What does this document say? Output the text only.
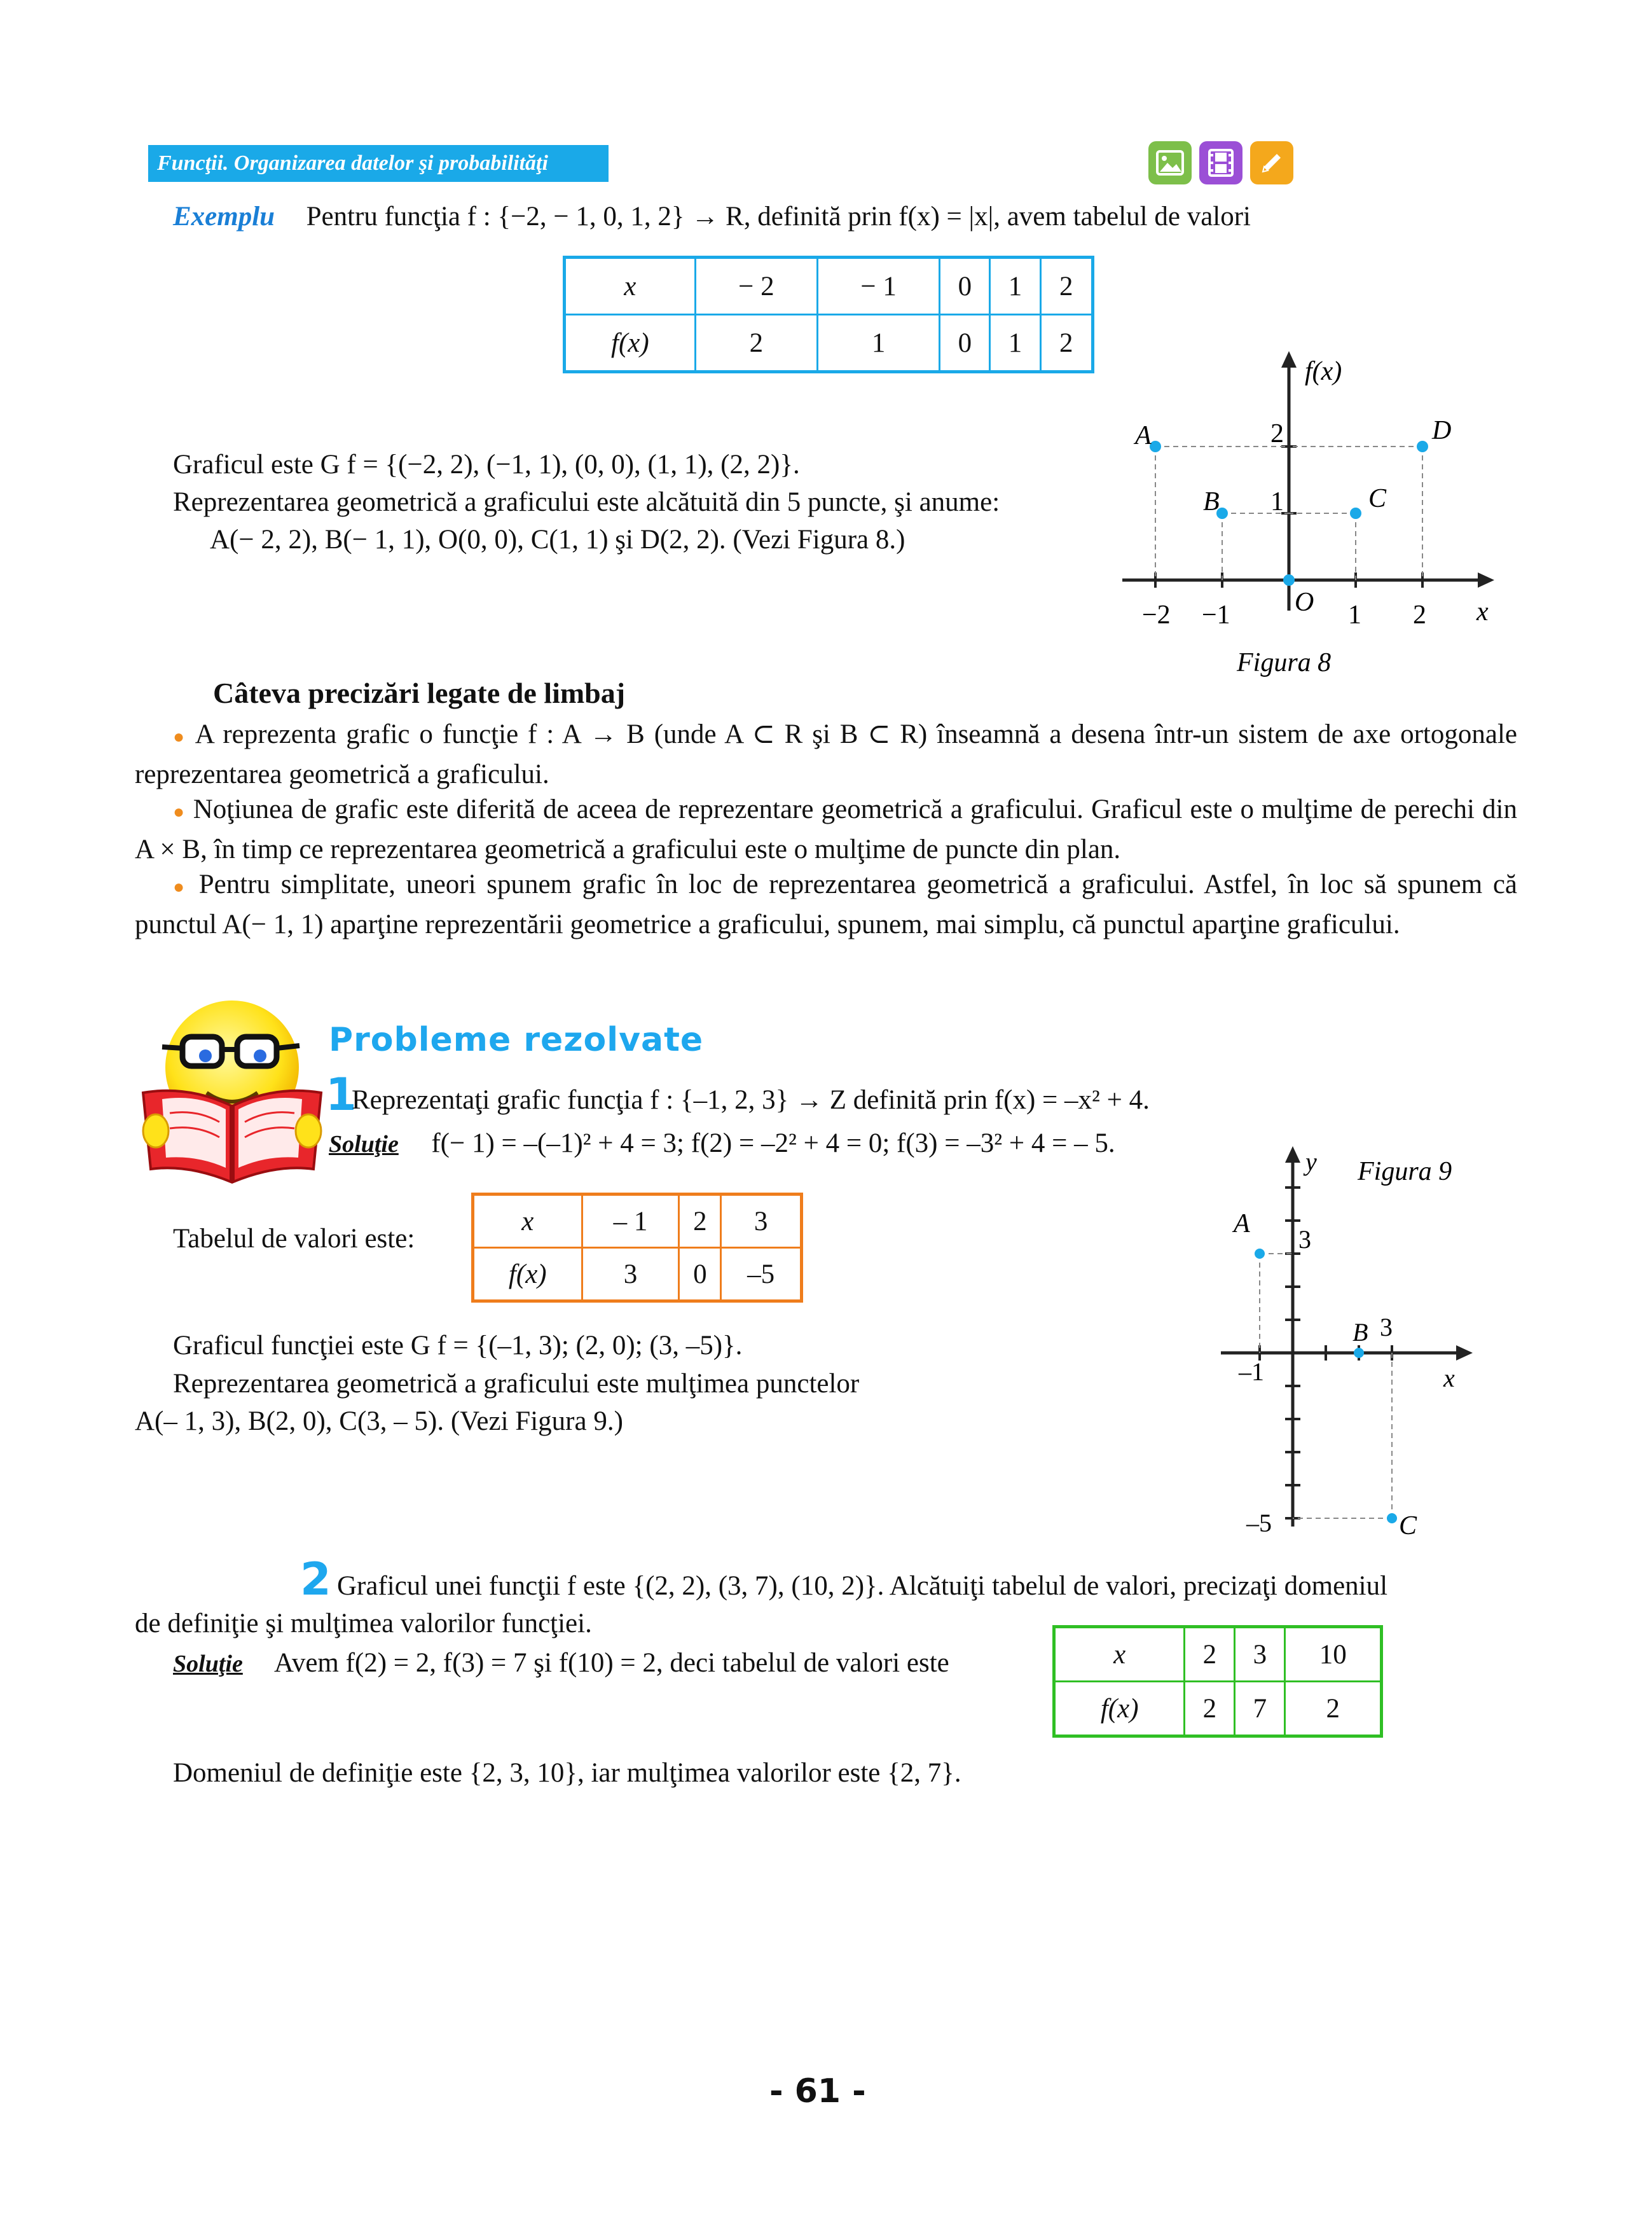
Funcţii. Organizarea datelor şi probabilităţi
Exemplu Pentru funcţia f : {−2, − 1, 0, 1, 2} → R, definită prin f(x) = |x|, avem tabelul de valori
x	− 2	− 1	0	1	2
f(x)	2	1	0	1	2
Graficul este G f = {(−2, 2), (−1, 1), (0, 0), (1, 1), (2, 2)}.
Reprezentarea geometrică a graficului este alcătuită din 5 puncte, şi anume:
A(− 2, 2), B(− 1, 1), O(0, 0), C(1, 1) şi D(2, 2). (Vezi Figura 8.)
f(x)
x
O
−2 −1	1 2
1
2
A
B	C
D
Figura 8
Câteva precizări legate de limbaj
● A reprezenta grafic o funcţie f : A → B (unde A ⊂ R şi B ⊂ R) înseamnă a desena într-un sistem de axe ortogonale reprezentarea geometrică a graficului.
● Noţiunea de grafic este diferită de aceea de reprezentare geometrică a graficului. Graficul este o mulţime de perechi din A × B, în timp ce reprezentarea geometrică a graficului este o mulţime de puncte din plan.
● Pentru simplitate, uneori spunem grafic în loc de reprezentarea geometrică a graficului. Astfel, în loc să spunem că punctul A(− 1, 1) aparţine reprezentării geometrice a graficului, spunem, mai simplu, că punctul aparţine graficului.
Probleme rezolvate
1
Reprezentaţi grafic funcţia f : {–1, 2, 3} → Z definită prin f(x) = –x² + 4.
Soluţie f(− 1) = –(–1)² + 4 = 3; f(2) = –2² + 4 = 0; f(3) = –3² + 4 = – 5.
Tabelul de valori este:
x	– 1	2	3
f(x)	3	0	–5
Graficul funcţiei este G f = {(–1, 3); (2, 0); (3, –5)}.
Reprezentarea geometrică a graficului este mulţimea punctelor
A(– 1, 3), B(2, 0), C(3, – 5). (Vezi Figura 9.)
y
x
A
3
B 3
–1
–5	C
Figura 9
2 Graficul unei funcţii f este {(2, 2), (3, 7), (10, 2)}. Alcătuiţi tabelul de valori, precizaţi domeniul
de definiţie şi mulţimea valorilor funcţiei.
Soluţie Avem f(2) = 2, f(3) = 7 şi f(10) = 2, deci tabelul de valori este	x	2	3	10
f(x)	2	7	2
Domeniul de definiţie este {2, 3, 10}, iar mulţimea valorilor este {2, 7}.
- 61 -
